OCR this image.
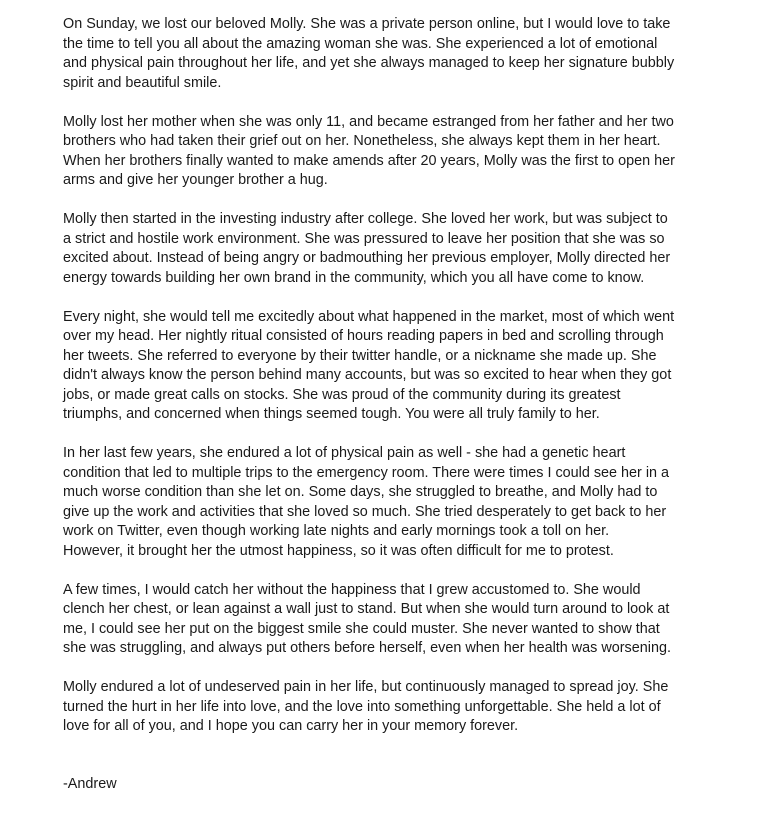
On Sunday, we lost our beloved Molly. She was a private person online, but I would love to take
the time to tell you all about the amazing woman she was. She experienced a lot of emotional
and physical pain throughout her life, and yet she always managed to keep her signature bubbly
spirit and beautiful smile.

Molly lost her mother when she was only 11, and became estranged from her father and her two
brothers who had taken their grief out on her. Nonetheless, she always kept them in her heart.
When her brothers finally wanted to make amends after 20 years, Molly was the first to open her
arms and give her younger brother a hug.

Molly then started in the investing industry after college. She loved her work, but was subject to
a strict and hostile work environment. She was pressured to leave her position that she was so
excited about. Instead of being angry or badmouthing her previous employer, Molly directed her
energy towards building her own brand in the community, which you all have come to know.

Every night, she would tell me excitedly about what happened in the market, most of which went
over my head. Her nightly ritual consisted of hours reading papers in bed and scrolling through
her tweets. She referred to everyone by their twitter handle, or a nickname she made up. She
didn't always know the person behind many accounts, but was so excited to hear when they got
jobs, or made great calls on stocks. She was proud of the community during its greatest
triumphs, and concerned when things seemed tough. You were all truly family to her.

In her last few years, she endured a lot of physical pain as well - she had a genetic heart
condition that led to multiple trips to the emergency room. There were times I could see her in a
much worse condition than she let on. Some days, she struggled to breathe, and Molly had to
give up the work and activities that she loved so much. She tried desperately to get back to her
work on Twitter, even though working late nights and early mornings took a toll on her.
However, it brought her the utmost happiness, so it was often difficult for me to protest.

A few times, I would catch her without the happiness that I grew accustomed to. She would
clench her chest, or lean against a wall just to stand. But when she would turn around to look at
me, I could see her put on the biggest smile she could muster. She never wanted to show that
she was struggling, and always put others before herself, even when her health was worsening.

Molly endured a lot of undeserved pain in her life, but continuously managed to spread joy. She
turned the hurt in her life into love, and the love into something unforgettable. She held a lot of
love for all of you, and I hope you can carry her in your memory forever.

-Andrew
